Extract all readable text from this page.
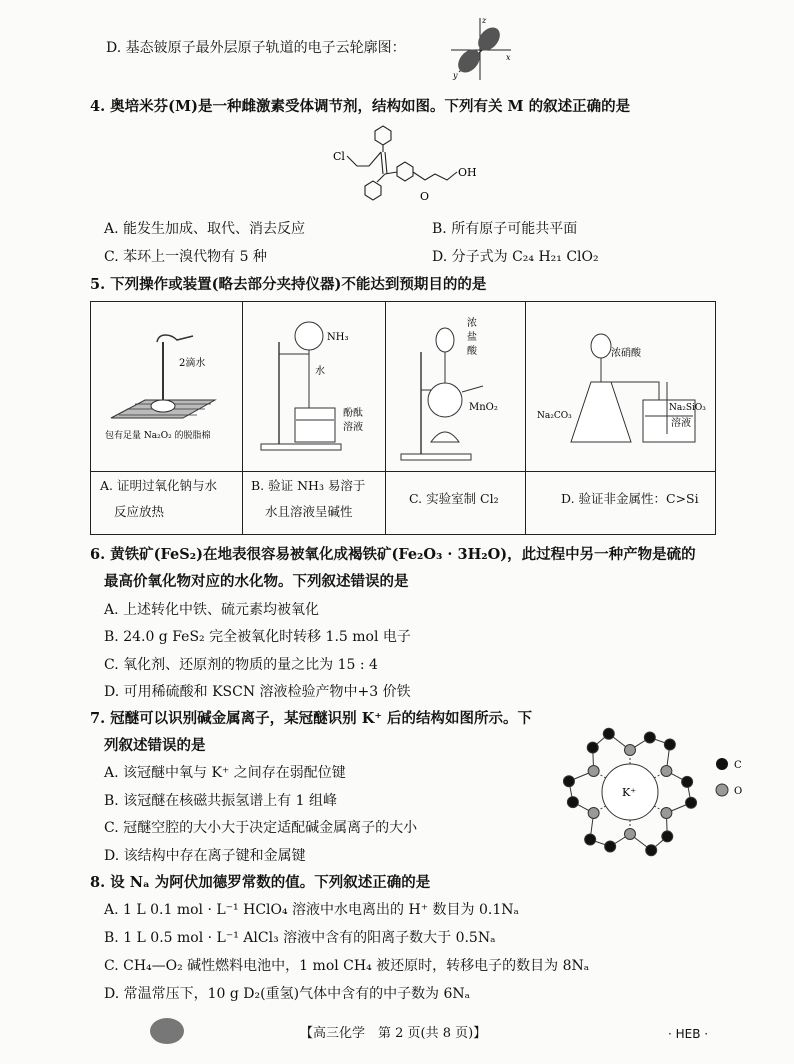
D. 基态铍原子最外层原子轨道的电子云轮廓图：
z
x
y
4. 奥培米芬(M)是一种雌激素受体调节剂，结构如图。下列有关 M 的叙述正确的是
Cl
O
OH
A. 能发生加成、取代、消去反应	B. 所有原子可能共平面
C. 苯环上一溴代物有 5 种	D. 分子式为 C₂₄ H₂₁ ClO₂
5. 下列操作或装置(略去部分夹持仪器)不能达到预期目的的是
2滴水
包有足量 Na₂O₂ 的脱脂棉
NH₃
水
酚酞
溶液
浓
盐
酸
MnO₂
浓硝酸
Na₂CO₃
Na₂SiO₃
溶液
A. 证明过氧化钠与水
反应放热
B. 验证 NH₃ 易溶于
水且溶液呈碱性
C. 实验室制 Cl₂	D. 验证非金属性：C>Si
6. 黄铁矿(FeS₂)在地表很容易被氧化成褐铁矿(Fe₂O₃ · 3H₂O)，此过程中另一种产物是硫的
最高价氧化物对应的水化物。下列叙述错误的是
A. 上述转化中铁、硫元素均被氧化
B. 24.0 g FeS₂ 完全被氧化时转移 1.5 mol 电子
C. 氧化剂、还原剂的物质的量之比为 15 : 4
D. 可用稀硫酸和 KSCN 溶液检验产物中+3 价铁
7. 冠醚可以识别碱金属离子，某冠醚识别 K⁺ 后的结构如图所示。下
列叙述错误的是
A. 该冠醚中氧与 K⁺ 之间存在弱配位键
B. 该冠醚在核磁共振氢谱上有 1 组峰
C. 冠醚空腔的大小大于决定适配碱金属离子的大小
D. 该结构中存在离子键和金属键
K⁺
C
O
8. 设 Nₐ 为阿伏加德罗常数的值。下列叙述正确的是
A. 1 L 0.1 mol · L⁻¹ HClO₄ 溶液中水电离出的 H⁺ 数目为 0.1Nₐ
B. 1 L 0.5 mol · L⁻¹ AlCl₃ 溶液中含有的阳离子数大于 0.5Nₐ
C. CH₄—O₂ 碱性燃料电池中，1 mol CH₄ 被还原时，转移电子的数目为 8Nₐ
D. 常温常压下，10 g D₂(重氢)气体中含有的中子数为 6Nₐ
【高三化学　第 2 页(共 8 页)】	· HEB ·
